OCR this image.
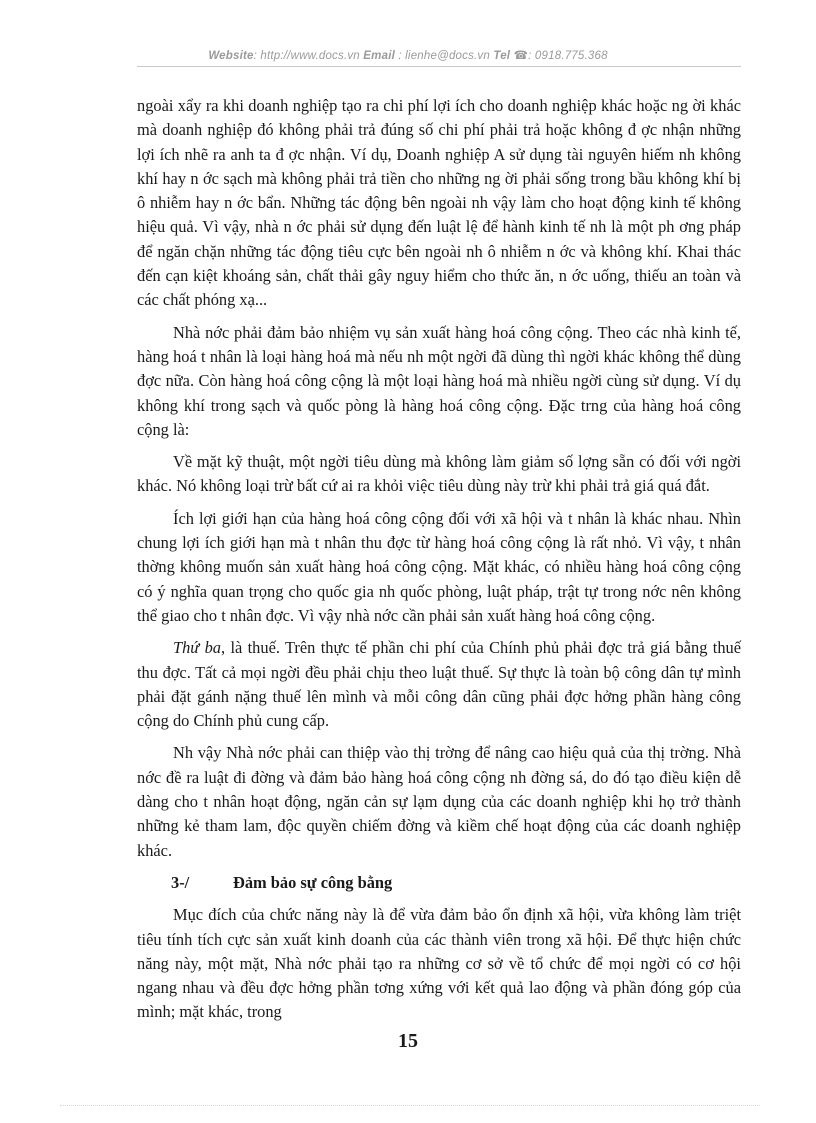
Website: http://www.docs.vn Email : lienhe@docs.vn Tel ☎: 0918.775.368

ngoài xẩy ra khi doanh nghiệp tạo ra chi phí lợi ích cho doanh nghiệp khác hoặc ng ời khác mà doanh nghiệp đó không phải trả đúng số chi phí phải trả hoặc không đ ợc nhận những lợi ích nhẽ ra anh ta đ ợc nhận. Ví dụ, Doanh nghiệp A sử dụng tài nguyên hiếm nh không khí hay n ớc sạch mà không phải trả tiền cho những ng ời phải sống trong bầu không khí bị ô nhiễm hay n ớc bẩn. Những tác động bên ngoài nh vậy làm cho hoạt động kinh tế không hiệu quả. Vì vậy, nhà n ớc phải sử dụng đến luật lệ để hành kinh tế nh là một ph ơng pháp để ngăn chặn những tác động tiêu cực bên ngoài nh ô nhiễm n ớc và không khí. Khai thác đến cạn kiệt khoáng sản, chất thải gây nguy hiểm cho thức ăn, n ớc uống, thiếu an toàn và các chất phóng xạ...

Nhà nớc phải đảm bảo nhiệm vụ sản xuất hàng hoá công cộng. Theo các nhà kinh tế, hàng hoá t nhân là loại hàng hoá mà nếu nh một ngời đã dùng thì ngời khác không thể dùng đợc nữa. Còn hàng hoá công cộng là một loại hàng hoá mà nhiều ngời cùng sử dụng. Ví dụ không khí trong sạch và quốc pòng là hàng hoá công cộng. Đặc trng của hàng hoá công cộng là:

Về mặt kỹ thuật, một ngời tiêu dùng mà không làm giảm số lợng sẵn có đối với ngời khác. Nó không loại trừ bất cứ ai ra khỏi việc tiêu dùng này trừ khi phải trả giá quá đắt.

Ích lợi giới hạn của hàng hoá công cộng đối với xã hội và t nhân là khác nhau. Nhìn chung lợi ích giới hạn mà t nhân thu đợc từ hàng hoá công cộng là rất nhỏ. Vì vậy, t nhân thờng không muốn sản xuất hàng hoá công cộng. Mặt khác, có nhiều hàng hoá công cộng có ý nghĩa quan trọng cho quốc gia nh quốc phòng, luật pháp, trật tự trong nớc nên không thể giao cho t nhân đợc. Vì vậy nhà nớc cần phải sản xuất hàng hoá công cộng.

Thứ ba, là thuế. Trên thực tế phần chi phí của Chính phủ phải đợc trả giá bằng thuế thu đợc. Tất cả mọi ngời đều phải chịu theo luật thuế. Sự thực là toàn bộ công dân tự mình phải đặt gánh nặng thuế lên mình và mỗi công dân cũng phải đợc hởng phần hàng công cộng do Chính phủ cung cấp.

Nh vậy Nhà nớc phải can thiệp vào thị trờng để nâng cao hiệu quả của thị trờng. Nhà nớc đề ra luật đi đờng và đảm bảo hàng hoá công cộng nh đờng sá, do đó tạo điều kiện dễ dàng cho t nhân hoạt động, ngăn cản sự lạm dụng của các doanh nghiệp khi họ trở thành những kẻ tham lam, độc quyền chiếm đờng và kiềm chế hoạt động của các doanh nghiệp khác.

3-/	Đảm bảo sự công bằng

Mục đích của chức năng này là để vừa đảm bảo ổn định xã hội, vừa không làm triệt tiêu tính tích cực sản xuất kinh doanh của các thành viên trong xã hội. Để thực hiện chức năng này, một mặt, Nhà nớc phải tạo ra những cơ sở về tổ chức để mọi ngời có cơ hội ngang nhau và đều đợc hởng phần tơng xứng với kết quả lao động và phần đóng góp của mình; mặt khác, trong

15
